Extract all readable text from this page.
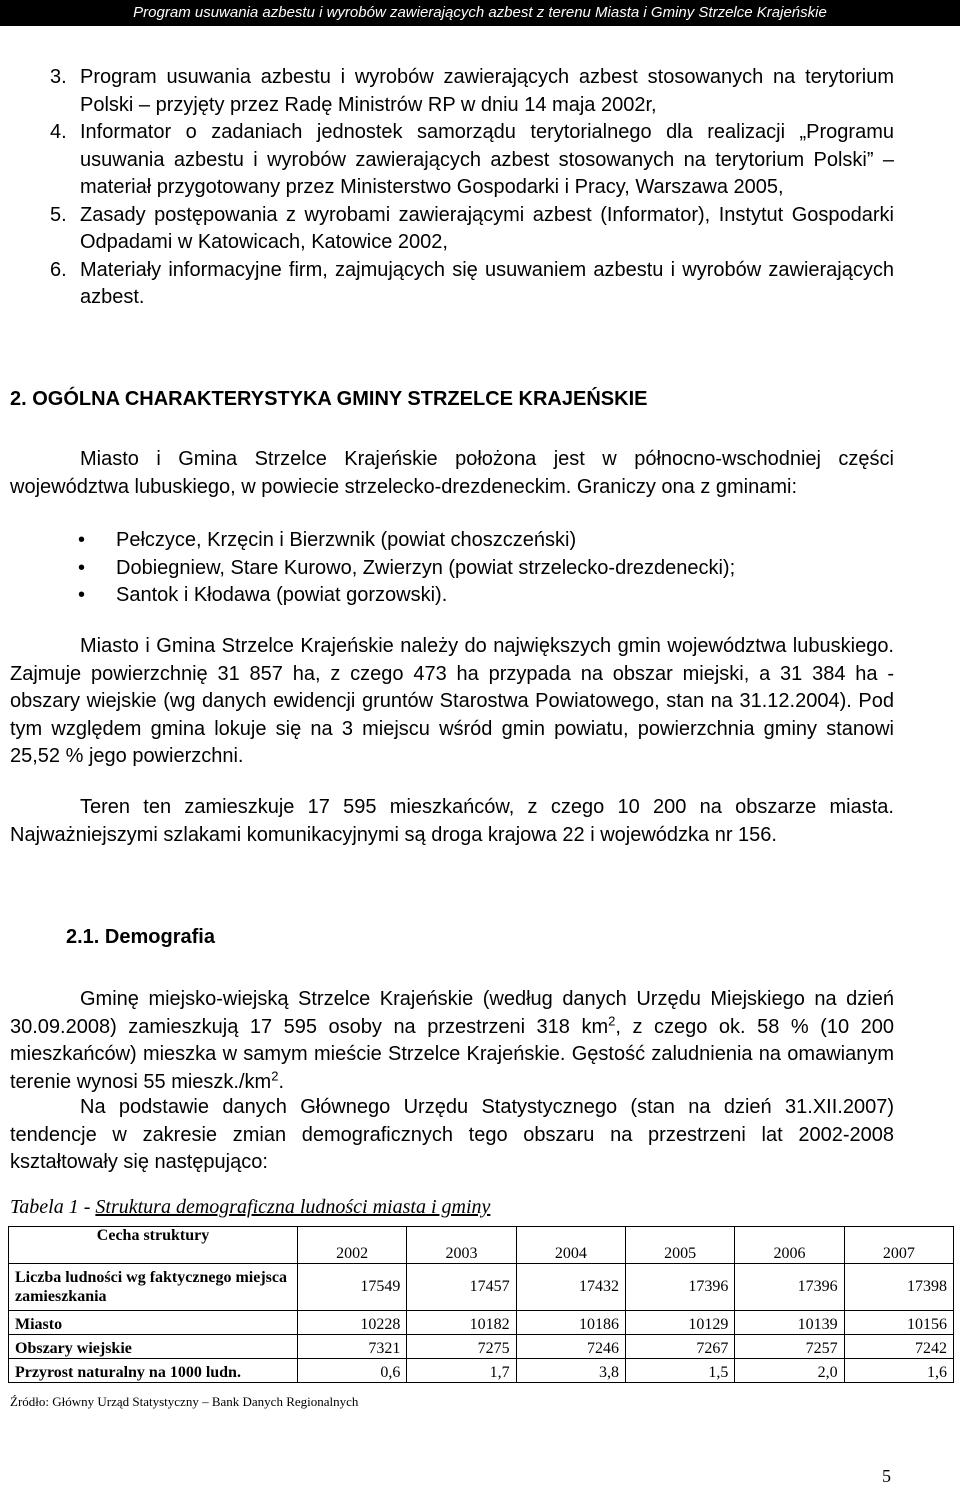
Program usuwania azbestu i wyrobów zawierających azbest z terenu Miasta i Gminy Strzelce Krajeńskie
3. Program usuwania azbestu i wyrobów zawierających azbest stosowanych na terytorium Polski – przyjęty przez Radę Ministrów RP w dniu 14 maja 2002r,
4. Informator o zadaniach jednostek samorządu terytorialnego dla realizacji „Programu usuwania azbestu i wyrobów zawierających azbest stosowanych na terytorium Polski” – materiał przygotowany przez Ministerstwo Gospodarki i Pracy, Warszawa 2005,
5. Zasady postępowania z wyrobami zawierającymi azbest (Informator), Instytut Gospodarki Odpadami w Katowicach, Katowice 2002,
6. Materiały informacyjne firm, zajmujących się usuwaniem azbestu i wyrobów zawierających azbest.
2. OGÓLNA CHARAKTERYSTYKA GMINY STRZELCE KRAJEŃSKIE
Miasto i Gmina Strzelce Krajeńskie położona jest w północno-wschodniej części województwa lubuskiego, w powiecie strzelecko-drezdeneckim. Graniczy ona z gminami:
• Pełczyce, Krzęcin i Bierzwnik (powiat choszczeński)
• Dobiegniew, Stare Kurowo, Zwierzyn (powiat strzelecko-drezdenecki);
• Santok i Kłodawa (powiat gorzowski).
Miasto i Gmina Strzelce Krajeńskie należy do największych gmin województwa lubuskiego. Zajmuje powierzchnię 31 857 ha, z czego 473 ha przypada na obszar miejski, a 31 384 ha - obszary wiejskie (wg danych ewidencji gruntów Starostwa Powiatowego, stan na 31.12.2004). Pod tym względem gmina lokuje się na 3 miejscu wśród gmin powiatu, powierzchnia gminy stanowi 25,52 % jego powierzchni.
Teren ten zamieszkuje 17 595 mieszkańców, z czego 10 200 na obszarze miasta. Najważniejszymi szlakami komunikacyjnymi są droga krajowa 22 i wojewódzka nr 156.
2.1. Demografia
Gminę miejsko-wiejską Strzelce Krajeńskie (według danych Urzędu Miejskiego na dzień 30.09.2008) zamieszkują 17 595 osoby na przestrzeni 318 $km^2$, z czego ok. 58 % (10 200 mieszkańców) mieszka w samym mieście Strzelce Krajeńskie. Gęstość zaludnienia na omawianym terenie wynosi 55 $mieszk./km^2$.
Na podstawie danych Głównego Urzędu Statystycznego (stan na dzień 31.XII.2007) tendencje w zakresie zmian demograficznych tego obszaru na przestrzeni lat 2002-2008 kształtowały się następująco:
Tabela 1 - Struktura demograficzna ludności miasta i gminy
Cecha struktury	2002	2003	2004	2005	2006	2007
Liczba ludności wg faktycznego miejsca zamieszkania	17549	17457	17432	17396	17396	17398
Miasto	10228	10182	10186	10129	10139	10156
Obszary wiejskie	7321	7275	7246	7267	7257	7242
Przyrost naturalny na 1000 ludn.	0,6	1,7	3,8	1,5	2,0	1,6
Źródło: Główny Urząd Statystyczny – Bank Danych Regionalnych
5
